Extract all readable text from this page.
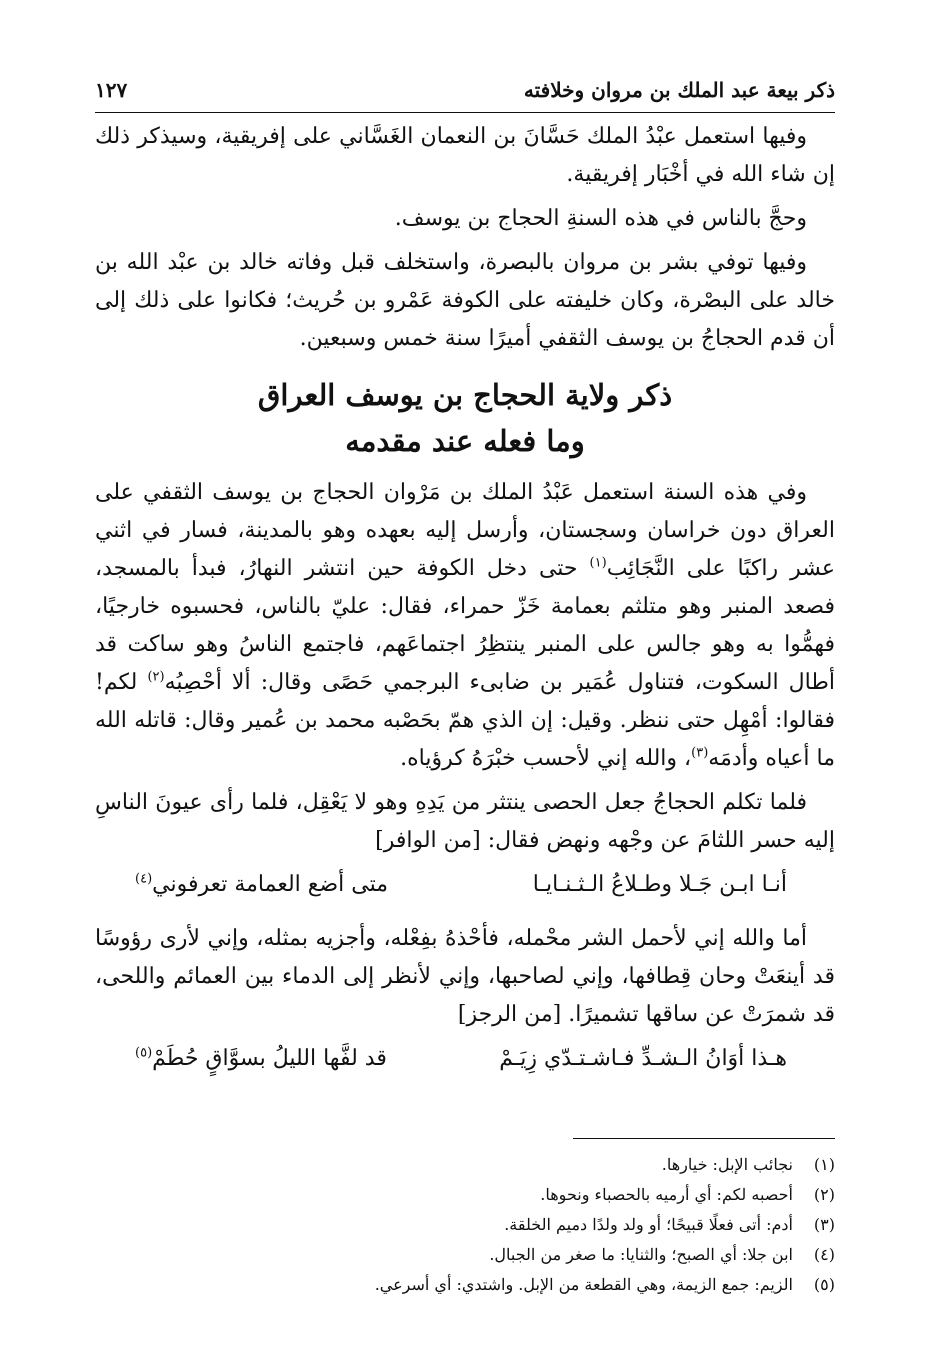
ذكر بيعة عبد الملك بن مروان وخلافته
١٢٧

وفيها استعمل عبْدُ الملك حَسَّانَ بن النعمان الغَسَّاني على إفريقية، وسيذكر ذلك إن شاء الله في أخْبَار إفريقية.

وحجَّ بالناس في هذه السنةِ الحجاج بن يوسف.

وفيها توفي بشر بن مروان بالبصرة، واستخلف قبل وفاته خالد بن عبْد الله بن خالد على البصْرة، وكان خليفته على الكوفة عَمْرو بن حُريث؛ فكانوا على ذلك إلى أن قدم الحجاجُ بن يوسف الثقفي أميرًا سنة خمس وسبعين.

ذكر ولاية الحجاج بن يوسف العراق
وما فعله عند مقدمه

وفي هذه السنة استعمل عَبْدُ الملك بن مَرْوان الحجاج بن يوسف الثقفي على العراق دون خراسان وسجستان، وأرسل إليه بعهده وهو بالمدينة، فسار في اثني عشر راكبًا على النَّجَائِب$^{(١)}$ حتى دخل الكوفة حين انتشر النهارُ، فبدأ بالمسجد، فصعد المنبر وهو متلثم بعمامة خَزّ حمراء، فقال: عليّ بالناس، فحسبوه خارجيًا، فهمُّوا به وهو جالس على المنبر ينتظِرُ اجتماعَهم، فاجتمع الناسُ وهو ساكت قد أطال السكوت، فتناول عُمَير بن ضابىء البرجمي حَصًى وقال: ألا أحْصِبُه$^{(٢)}$ لكم! فقالوا: أمْهِل حتى ننظر. وقيل: إن الذي همّ بحَصْبه محمد بن عُمير وقال: قاتله الله ما أعياه وأدمَه$^{(٣)}$، والله إني لأحسب خبْرَهُ كرؤياه.

فلما تكلم الحجاجُ جعل الحصى ينتثر من يَدِهِ وهو لا يَعْقِل، فلما رأى عيونَ الناسِ إليه حسر اللثامَ عن وجْهه ونهض فقال: [من الوافر]

أنـا ابـن جَـلا وطـلاعُ الـثـنـايـا
متى أضع العمامة تعرفوني$^{(٤)}$

أما والله إني لأحمل الشر محْمله، فأحْذهُ بفِعْله، وأجزيه بمثله، وإني لأرى رؤوسًا قد أينعَتْ وحان قِطافها، وإني لصاحبها، وإني لأنظر إلى الدماء بين العمائم واللحى، قد شمرَتْ عن ساقها تشميرًا. [من الرجز]

هـذا أوَانُ الـشـدِّ فـاشـتـدّي زِيَـمْ
قد لفَّها الليلُ بسوَّاقٍ حُطَمْ$^{(٥)}$
(١)
نجائب الإبل: خيارها.
(٢)
أحصبه لكم: أي أرميه بالحصباء ونحوها.
(٣)
أدم: أتى فعلًا قبيحًا؛ أو ولد ولدًا دميم الخلقة.
(٤)
ابن جلا: أي الصبح؛ والثنايا: ما صغر من الجبال.
(٥)
الزيم: جمع الزيمة، وهي القطعة من الإبل. واشتدي: أي أسرعي.
